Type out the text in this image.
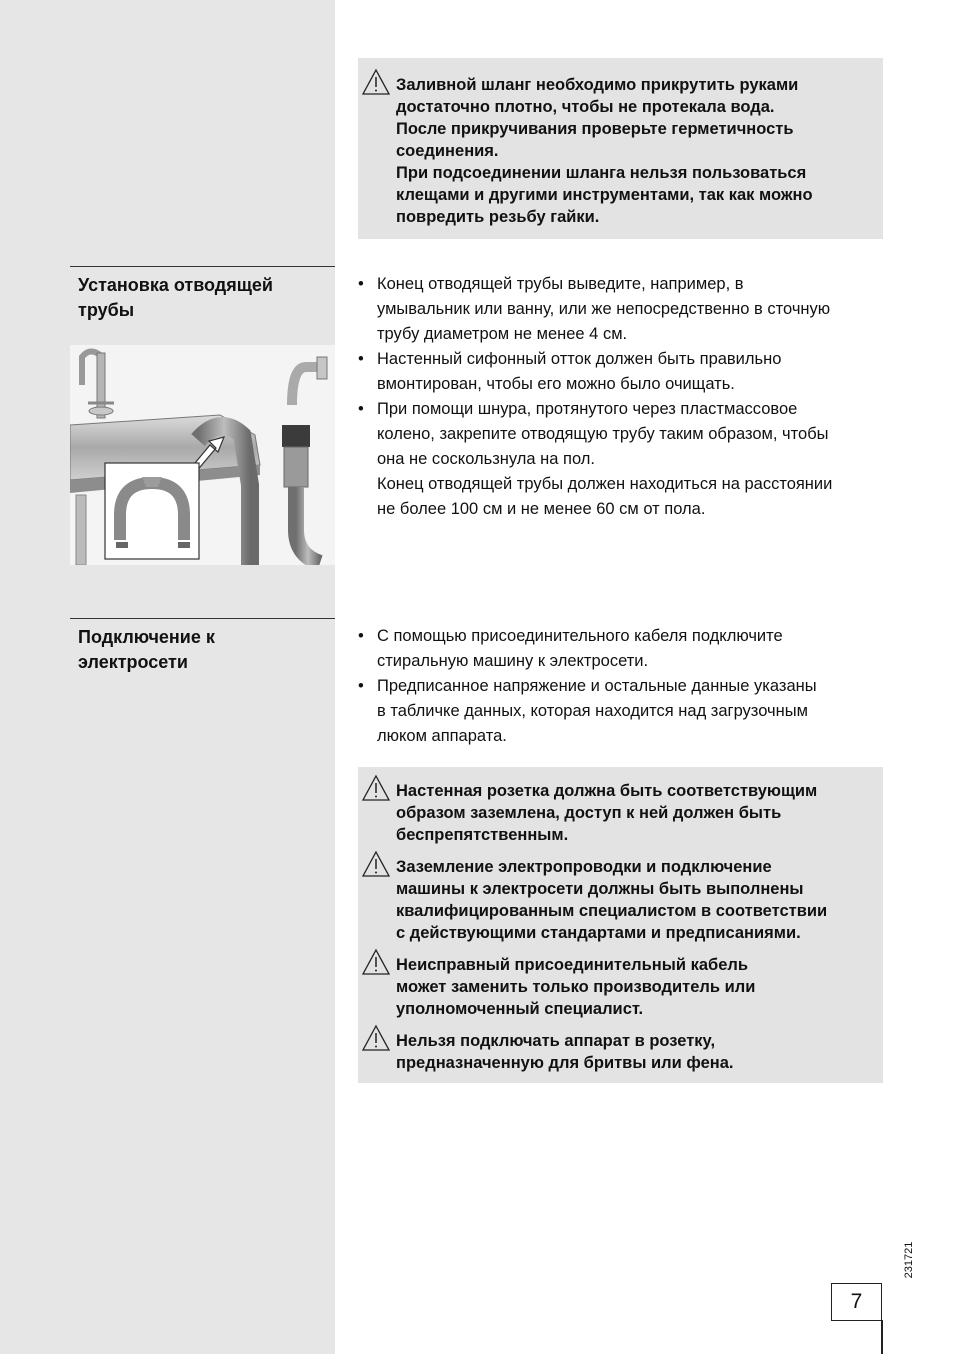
Заливной шланг необходимо прикрутить руками

достаточно плотно, чтобы не протекала вода.

После прикручивания проверьте герметичность

соединения.

При подсоединении шланга нельзя пользоваться

клещами и другими инструментами, так как можно

повредить резьбу гайки.

Установка отводящей
трубы
• Конец отводящей трубы выведите, например, в

умывальник или ванну, или же непосредственно в сточную

трубу диаметром не менее 4 см.

• Настенный сифонный отток должен быть правильно

вмонтирован, чтобы его можно было очищать.

• При помощи шнура, протянутого через пластмассовое

колено, закрепите отводящую трубу таким образом, чтобы

она не соскользнула на пол.

Конец отводящей трубы должен находиться на расстоянии

не более 100 см и не менее 60 см от пола.

Подключение к
электросети
• С помощью присоединительного кабеля подключите

стиральную машину к электросети.

• Предписанное напряжение и остальные данные указаны

в табличке данных, которая находится над загрузочным

люком аппарата.

Настенная розетка должна быть соответствующим

образом заземлена, доступ к ней должен быть

беспрепятственным.

Заземление электропроводки и подключение

машины к электросети должны быть выполнены

квалифицированным специалистом в соответствии

с действующими стандартами и предписаниями.

Неисправный присоединительный кабель

может заменить только производитель или

уполномоченный специалист.

Нельзя подключать аппарат в розетку,

предназначенную для бритвы или фена.

231721
7
